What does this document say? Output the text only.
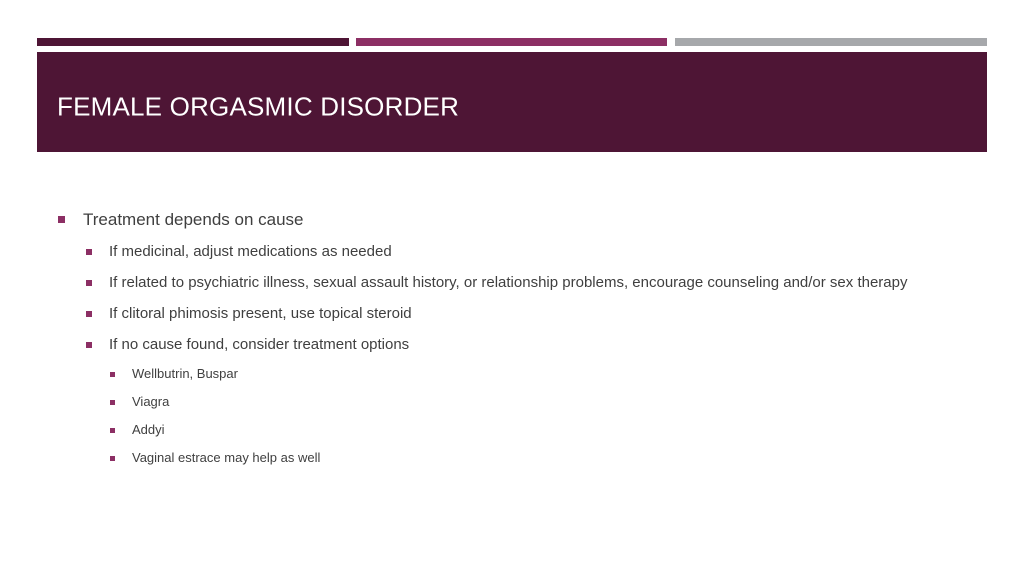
FEMALE ORGASMIC DISORDER
Treatment depends on cause
If medicinal, adjust medications as needed
If related to psychiatric illness, sexual assault history, or relationship problems, encourage counseling and/or sex therapy
If clitoral phimosis present, use topical steroid
If no cause found, consider treatment options
Wellbutrin, Buspar
Viagra
Addyi
Vaginal estrace may help as well
